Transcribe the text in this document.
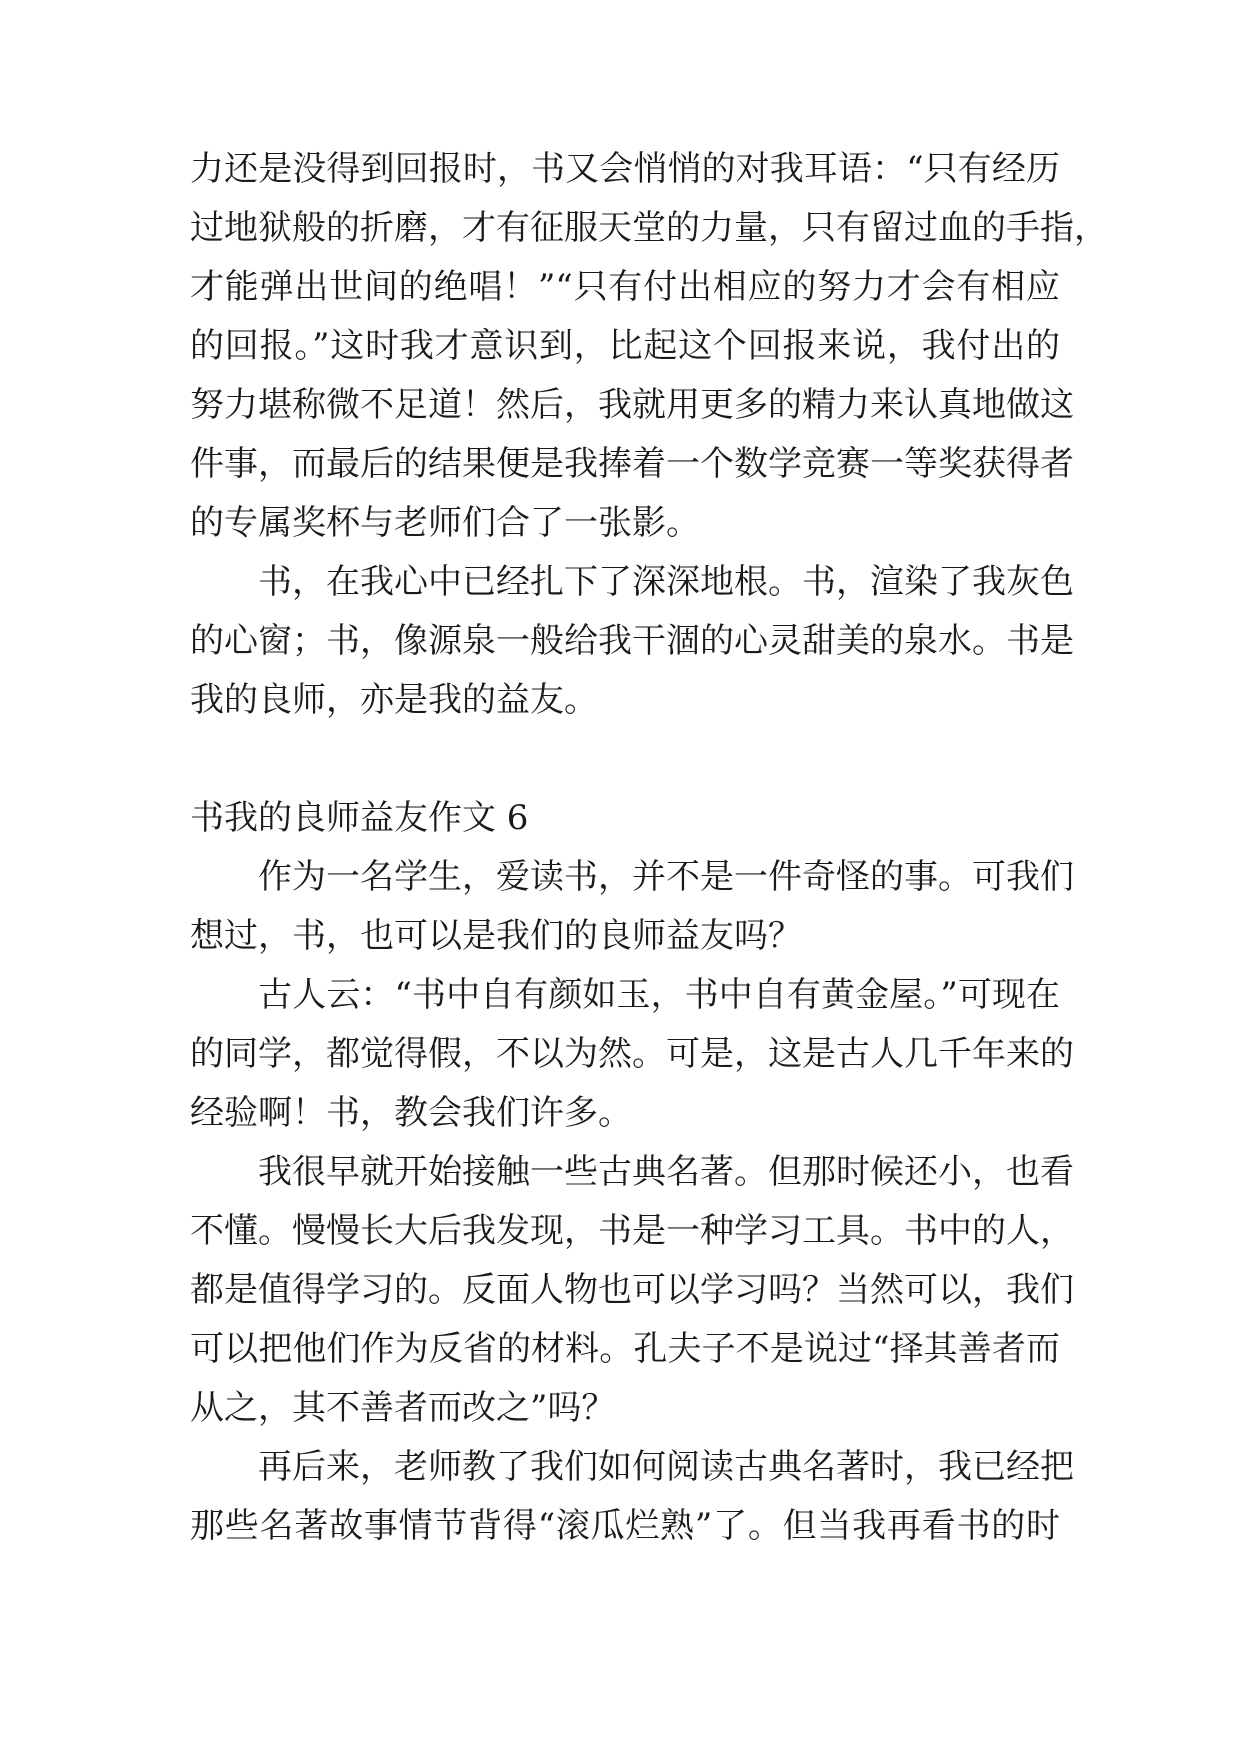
力还是没得到回报时，书又会悄悄的对我耳语：“只有经历
过地狱般的折磨，才有征服天堂的力量，只有留过血的手指，
才能弹出世间的绝唱！”“只有付出相应的努力才会有相应
的回报。”这时我才意识到，比起这个回报来说，我付出的
努力堪称微不足道！然后，我就用更多的精力来认真地做这
件事，而最后的结果便是我捧着一个数学竞赛一等奖获得者
的专属奖杯与老师们合了一张影。
　　书，在我心中已经扎下了深深地根。书，渲染了我灰色
的心窗；书，像源泉一般给我干涸的心灵甜美的泉水。书是
我的良师，亦是我的益友。
书我的良师益友作文 6
　　作为一名学生，爱读书，并不是一件奇怪的事。可我们
想过，书，也可以是我们的良师益友吗？
　　古人云：“书中自有颜如玉，书中自有黄金屋。”可现在
的同学，都觉得假，不以为然。可是，这是古人几千年来的
经验啊！书，教会我们许多。
　　我很早就开始接触一些古典名著。但那时候还小，也看
不懂。慢慢长大后我发现，书是一种学习工具。书中的人，
都是值得学习的。反面人物也可以学习吗？当然可以，我们
可以把他们作为反省的材料。孔夫子不是说过“择其善者而
从之，其不善者而改之”吗？
　　再后来，老师教了我们如何阅读古典名著时，我已经把
那些名著故事情节背得“滚瓜烂熟”了。但当我再看书的时
